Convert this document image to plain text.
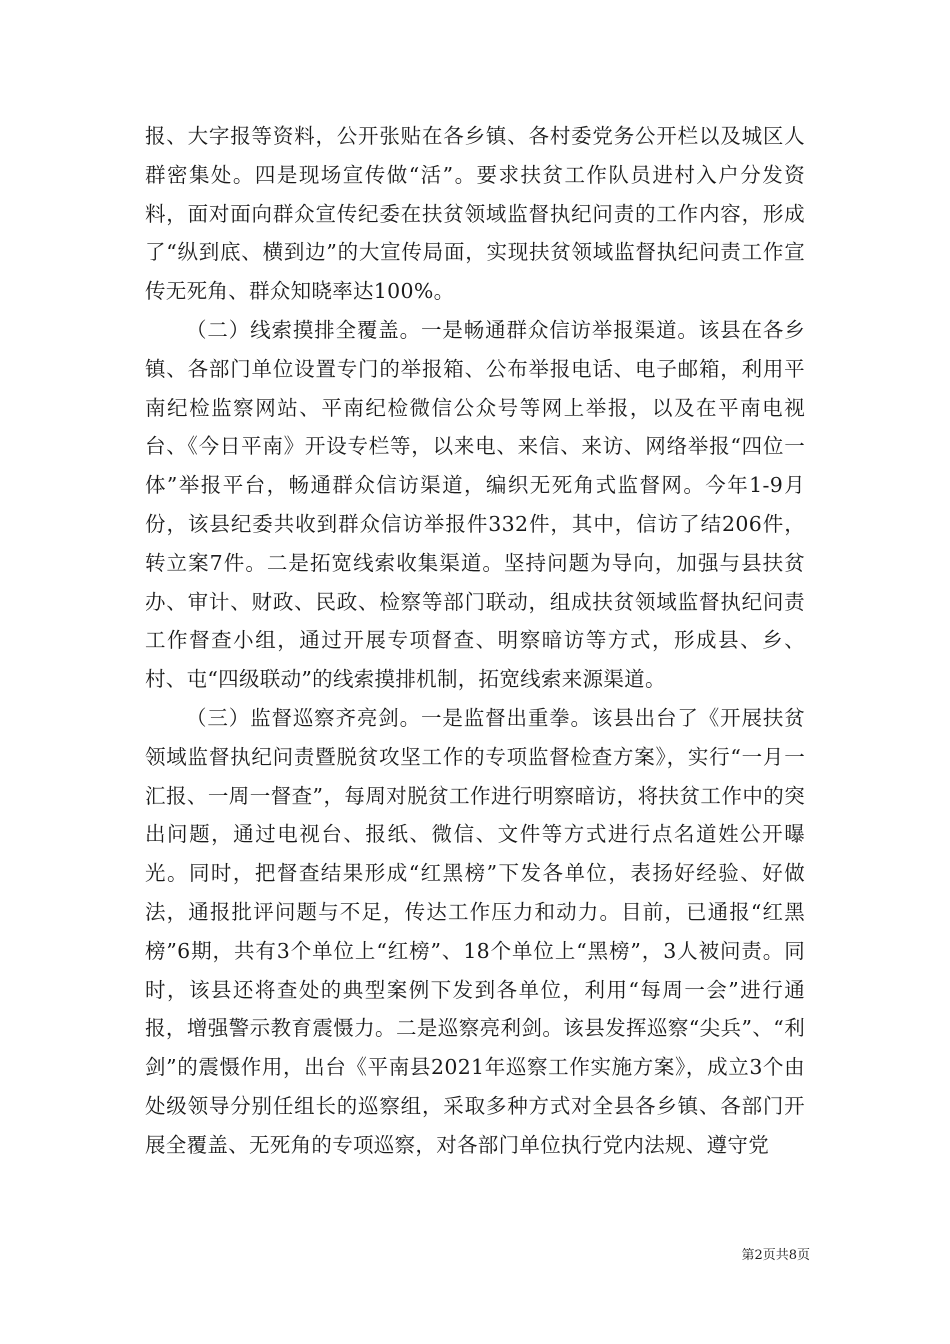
报、大字报等资料，公开张贴在各乡镇、各村委党务公开栏以及城区人群密集处。四是现场宣传做“活”。要求扶贫工作队员进村入户分发资料，面对面向群众宣传纪委在扶贫领域监督执纪问责的工作内容，形成了“纵到底、横到边”的大宣传局面，实现扶贫领域监督执纪问责工作宣传无死角、群众知晓率达100%。

（二）线索摸排全覆盖。一是畅通群众信访举报渠道。该县在各乡镇、各部门单位设置专门的举报箱、公布举报电话、电子邮箱，利用平南纪检监察网站、平南纪检微信公众号等网上举报，以及在平南电视台、《今日平南》开设专栏等，以来电、来信、来访、网络举报“四位一体”举报平台，畅通群众信访渠道，编织无死角式监督网。今年1-9月份，该县纪委共收到群众信访举报件332件，其中，信访了结206件，转立案7件。二是拓宽线索收集渠道。坚持问题为导向，加强与县扶贫办、审计、财政、民政、检察等部门联动，组成扶贫领域监督执纪问责工作督查小组，通过开展专项督查、明察暗访等方式，形成县、乡、村、屯“四级联动”的线索摸排机制，拓宽线索来源渠道。

（三）监督巡察齐亮剑。一是监督出重拳。该县出台了《开展扶贫领域监督执纪问责暨脱贫攻坚工作的专项监督检查方案》，实行“一月一汇报、一周一督查”，每周对脱贫工作进行明察暗访，将扶贫工作中的突出问题，通过电视台、报纸、微信、文件等方式进行点名道姓公开曝光。同时，把督查结果形成“红黑榜”下发各单位，表扬好经验、好做法，通报批评问题与不足，传达工作压力和动力。目前，已通报“红黑榜”6期，共有3个单位上“红榜”、18个单位上“黑榜”，3人被问责。同时，该县还将查处的典型案例下发到各单位，利用“每周一会”进行通报，增强警示教育震慑力。二是巡察亮利剑。该县发挥巡察“尖兵”、“利剑”的震慑作用，出台《平南县2021年巡察工作实施方案》，成立3个由处级领导分别任组长的巡察组，采取多种方式对全县各乡镇、各部门开展全覆盖、无死角的专项巡察，对各部门单位执行党内法规、遵守党

第2页共8页
